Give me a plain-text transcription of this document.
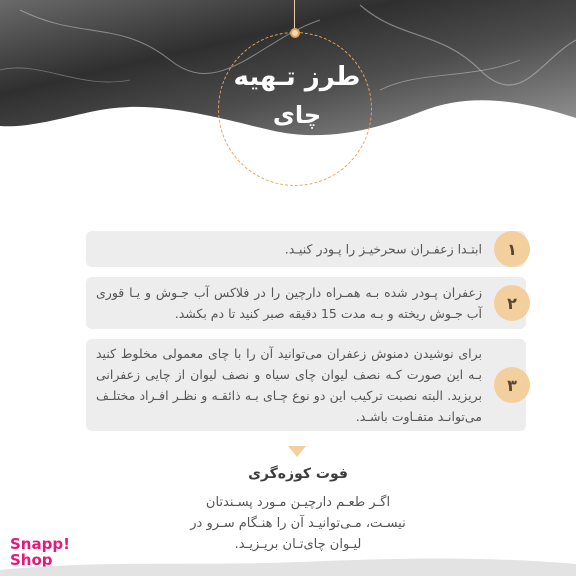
طرز تـهیه
چای زعفرانی
۱
ابتـدا زعفـران سحرخیـز را پـودر کنیـد.
۲
زعفران پـودر شده بـه همـراه دارچین را در فلاکس آب جـوش و یـا قوری آب جـوش ریخته و بـه مدت 15 دقیقه صبر کنید تا دم بکشد.
۳
برای نوشیدن دمنوش زعفران می‌توانید آن را با چای معمولی مخلوط کنید بـه این صورت کـه نصف لیوان چای سیاه و نصف لیوان از چایی زعفرانی بریزید. البته نصبت ترکیب این دو نوع چـای بـه ذائقـه و نظـر افـراد مختلـف می‌توانـد متفـاوت باشـد.
فوت کوزه‌گری
اگـر طعـم دارچیـن مـورد پسـندتان نیسـت، مـی‌توانیـد آن را هنـگام سـرو در لیـوان چای‌تـان بریـزیـد.
Snapp!
Shop
